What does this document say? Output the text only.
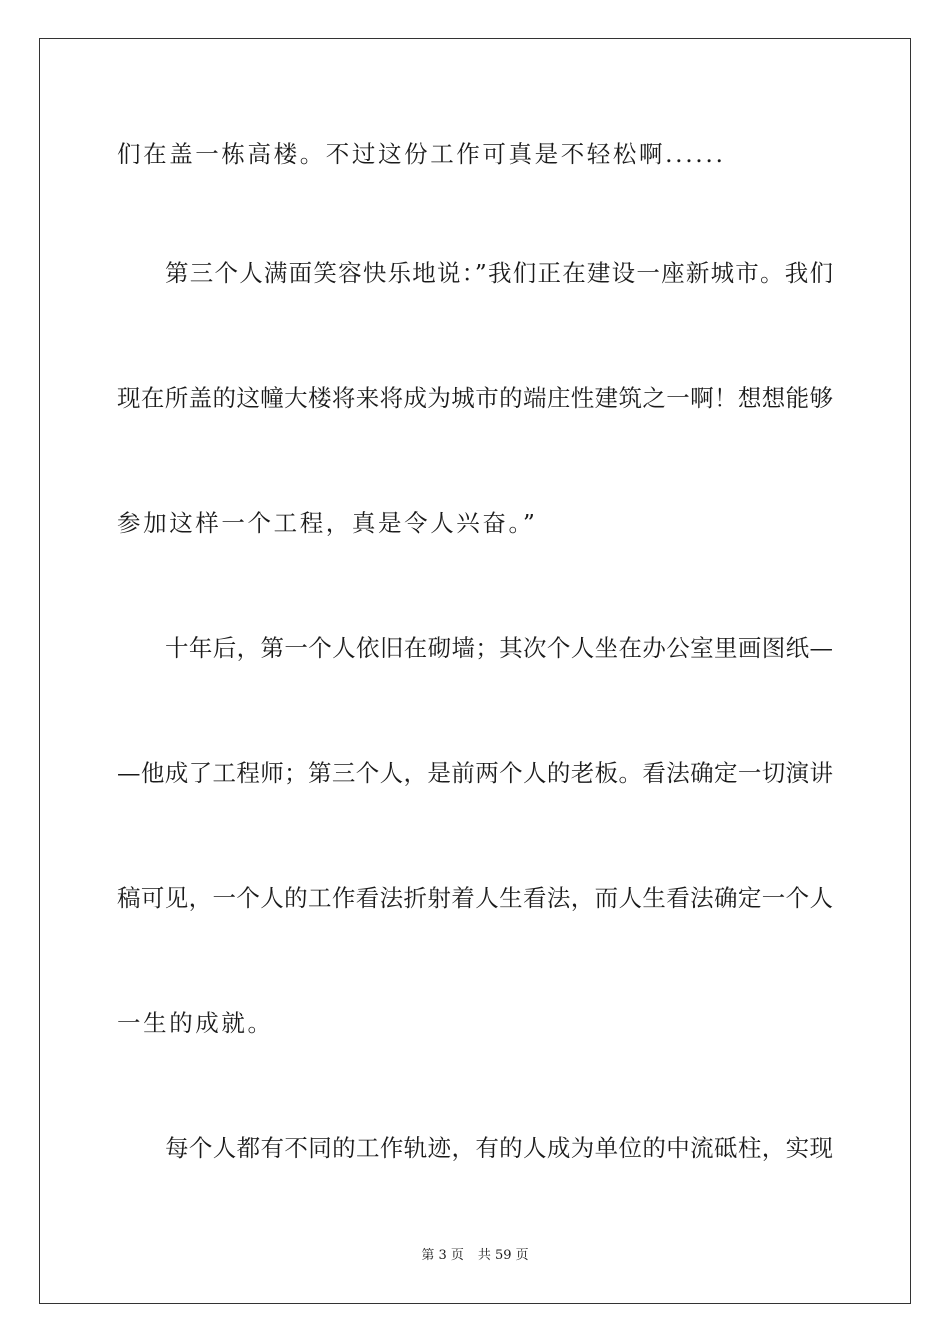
们在盖一栋高楼。不过这份工作可真是不轻松啊......
第三个人满面笑容快乐地说：”我们正在建设一座新城市。我们
现在所盖的这幢大楼将来将成为城市的端庄性建筑之一啊！想想能够
参加这样一个工程，真是令人兴奋。”
十年后，第一个人依旧在砌墙；其次个人坐在办公室里画图纸—
—他成了工程师；第三个人，是前两个人的老板。看法确定一切演讲
稿可见，一个人的工作看法折射着人生看法，而人生看法确定一个人
一生的成就。
每个人都有不同的工作轨迹，有的人成为单位的中流砥柱，实现
第 3 页 共 59 页
